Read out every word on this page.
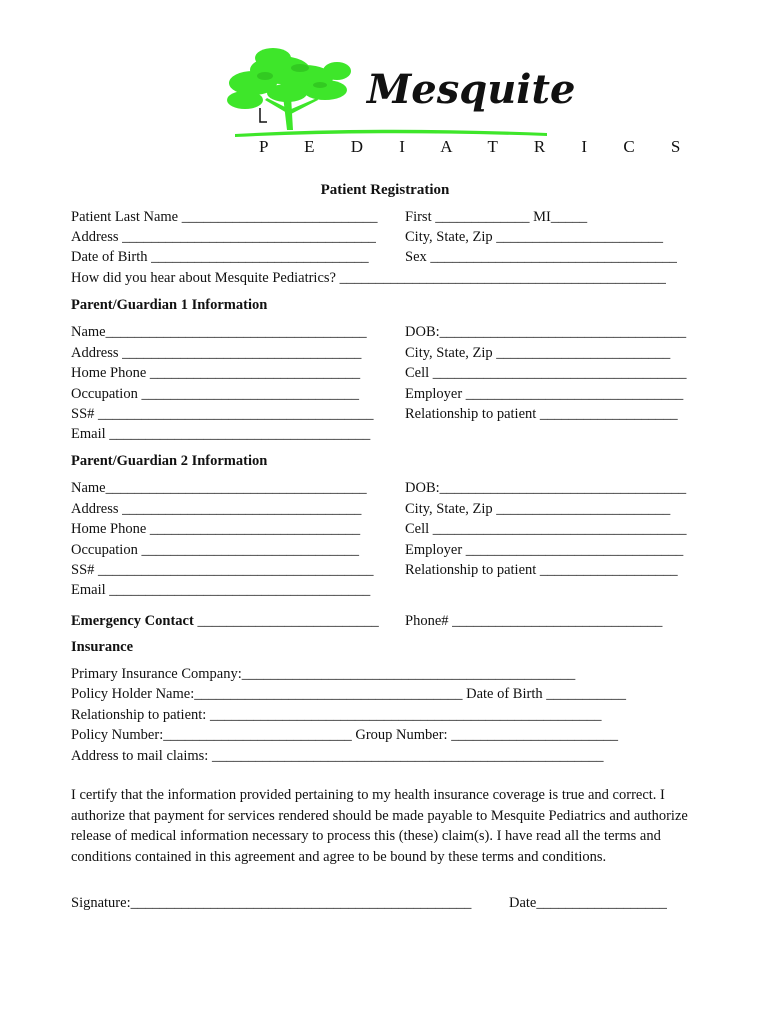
Mesquite
P E D I A T R I C S
Patient Registration
Patient Last Name ___________________________ First _____________ MI_____
Address ___________________________________ City, State, Zip _______________________
Date of Birth ______________________________	Sex __________________________________
How did you hear about Mesquite Pediatrics? _____________________________________________
Parent/Guardian 1 Information
Name____________________________________	DOB:__________________________________
Address _________________________________	City, State, Zip ________________________
Home Phone _____________________________	Cell ___________________________________
Occupation ______________________________	Employer ______________________________
SS# ______________________________________ Relationship to patient ___________________
Email ____________________________________
Parent/Guardian 2 Information
Name____________________________________	DOB:__________________________________
Address _________________________________	City, State, Zip ________________________
Home Phone _____________________________	Cell ___________________________________
Occupation ______________________________	Employer ______________________________
SS# ______________________________________ Relationship to patient ___________________
Email ____________________________________
Emergency Contact _________________________ Phone# _____________________________
Insurance
Primary Insurance Company:______________________________________________
Policy Holder Name:_____________________________________ Date of Birth ___________
Relationship to patient: ______________________________________________________
Policy Number:__________________________ Group Number: _______________________
Address to mail claims: ______________________________________________________
I certify that the information provided pertaining to my health insurance coverage is true and correct. I authorize that payment for services rendered should be made payable to Mesquite Pediatrics and authorize release of medical information necessary to process this (these) claim(s). I have read all the terms and conditions contained in this agreement and agree to be bound by these terms and conditions.
Signature:_______________________________________________	Date__________________
